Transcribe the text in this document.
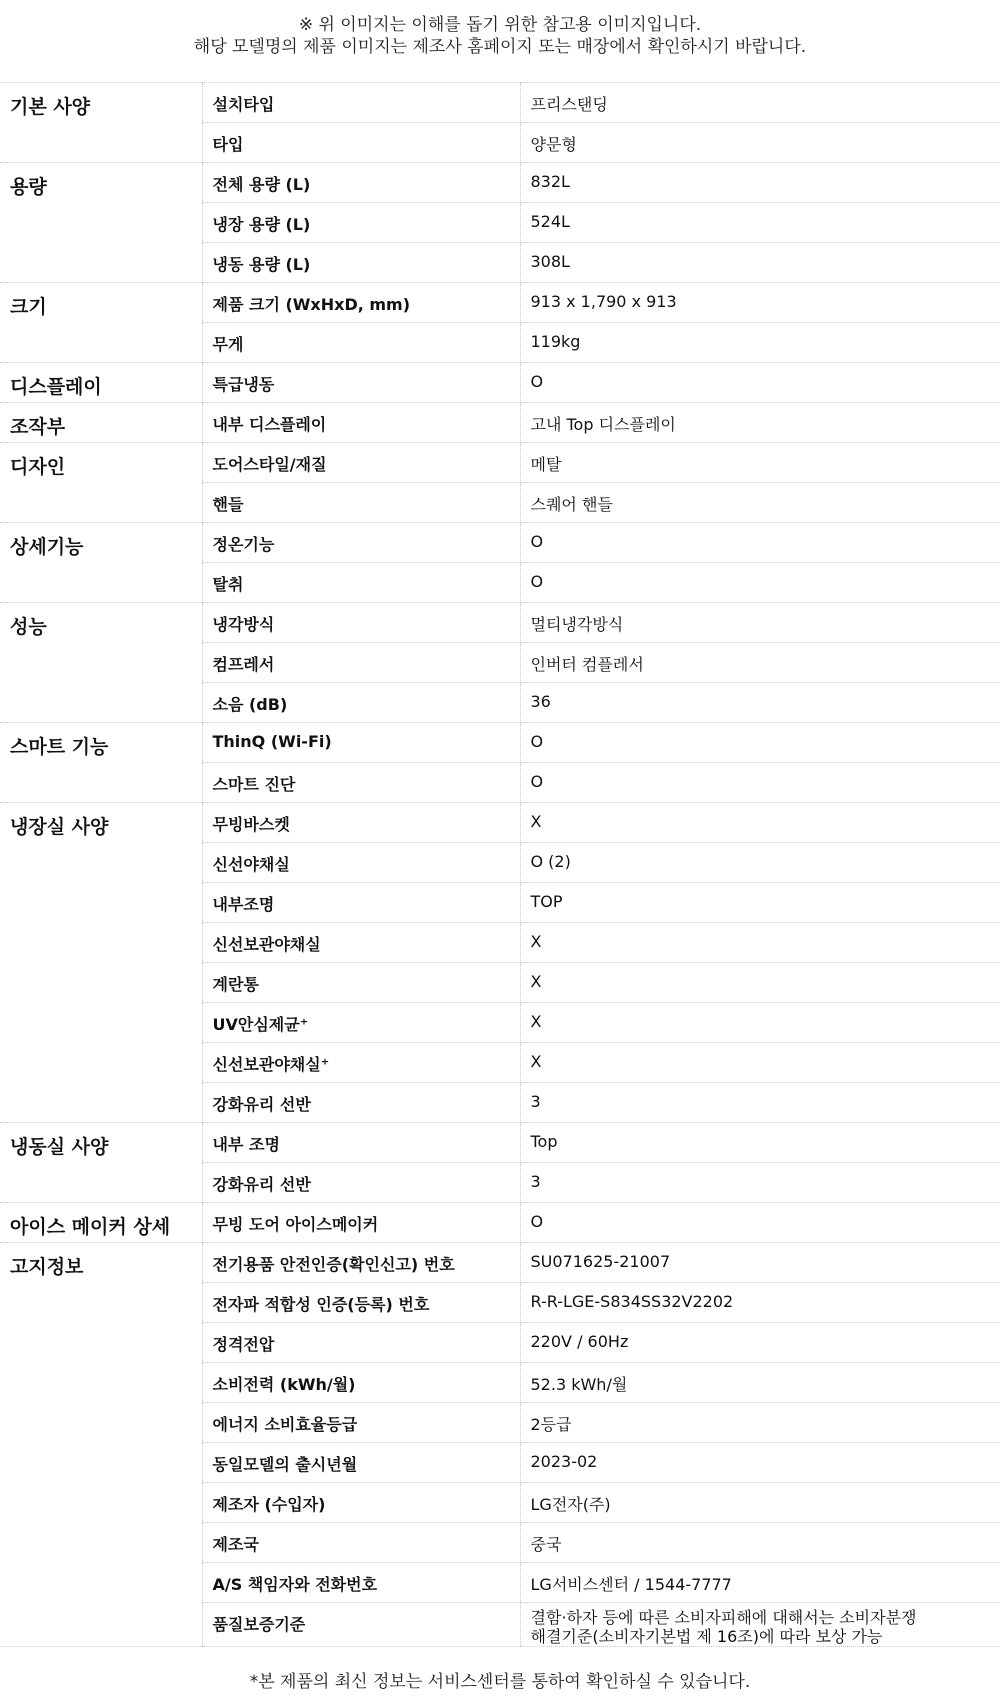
※ 위 이미지는 이해를 돕기 위한 참고용 이미지입니다.
해당 모델명의 제품 이미지는 제조사 홈페이지 또는 매장에서 확인하시기 바랍니다.
기본 사양	설치타입	프리스탠딩
	타입	양문형
용량	전체 용량 (L)	832L
	냉장 용량 (L)	524L
	냉동 용량 (L)	308L
크기	제품 크기 (WxHxD, mm)	913 x 1,790 x 913
	무게	119kg
디스플레이	특급냉동	O
조작부	내부 디스플레이	고내 Top 디스플레이
디자인	도어스타일/재질	메탈
	핸들	스퀘어 핸들
상세기능	정온기능	O
	탈취	O
성능	냉각방식	멀티냉각방식
	컴프레서	인버터 컴플레서
	소음 (dB)	36
스마트 기능	ThinQ (Wi-Fi)	O
	스마트 진단	O
냉장실 사양	무빙바스켓	X
	신선야채실	O (2)
	내부조명	TOP
	신선보관야채실	X
	계란통	X
	UV안심제균⁺	X
	신선보관야채실⁺	X
	강화유리 선반	3
냉동실 사양	내부 조명	Top
	강화유리 선반	3
아이스 메이커 상세	무빙 도어 아이스메이커	O
고지정보	전기용품 안전인증(확인신고) 번호	SU071625-21007
	전자파 적합성 인증(등록) 번호	R-R-LGE-S834SS32V2202
	정격전압	220V / 60Hz
	소비전력 (kWh/월)	52.3 kWh/월
	에너지 소비효율등급	2등급
	동일모델의 출시년월	2023-02
	제조자 (수입자)	LG전자(주)
	제조국	중국
	A/S 책임자와 전화번호	LG서비스센터 / 1544-7777
	품질보증기준	결함·하자 등에 따른 소비자피해에 대해서는 소비자분쟁
해결기준(소비자기본법 제 16조)에 따라 보상 가능
*본 제품의 최신 정보는 서비스센터를 통하여 확인하실 수 있습니다.
